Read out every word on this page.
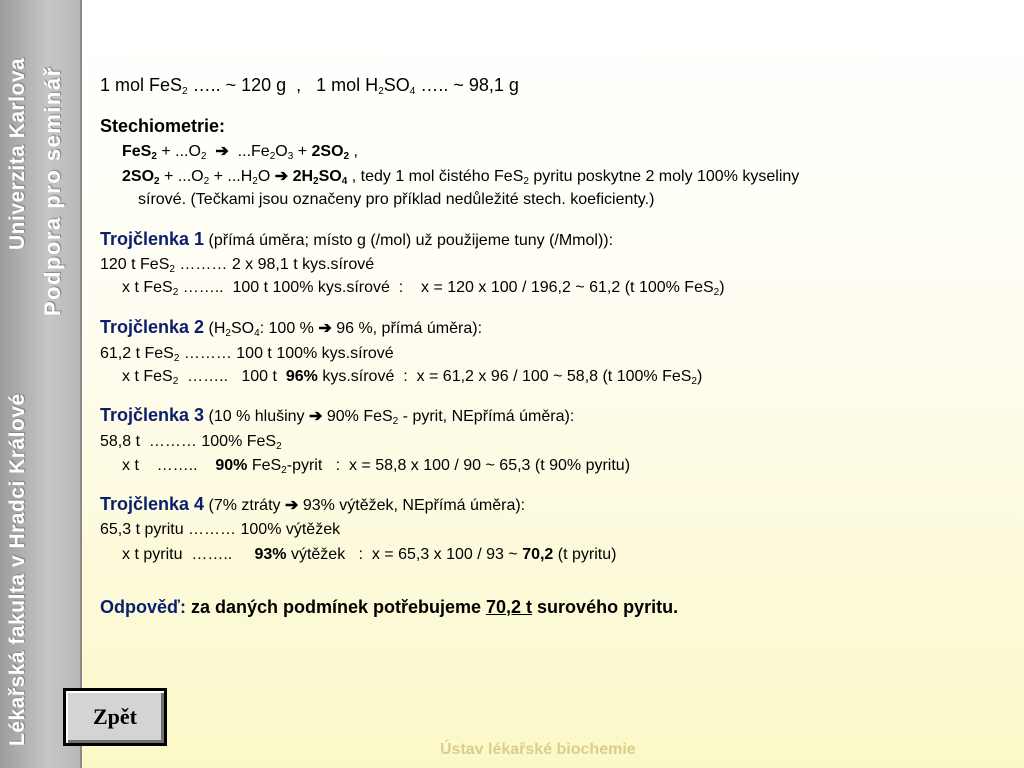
Lékařská fakulta v Hradci Králové
Univerzita Karlova Podpora pro seminář 1 mol FeS$_2$ ….. ~ 120 g  ,   1 mol $H_2SO_4$ ….. ~ 98,1 g
Stechiometrie:
$FeS_2 + ...O_2$ ➔  $...Fe_2O_3 + 2SO_2$ ,
$2SO_2 + ...O_2 + ...H_2O$ ➔ $2H_2SO_4$ , tedy 1 mol čistého FeS$_2$ pyritu poskytne 2 moly 100% kyseliny
sírové. (Tečkami jsou označeny pro příklad nedůležité stech. koeficienty.)
Trojčlenka 1 (přímá úměra; místo g (/mol) už použijeme tuny (/Mmol)):
120 t FeS$_2$ ……… 2 x 98,1 t kys.sírové
x t FeS$_2$ ……..  100 t 100% kys.sírové  :    x = 120 x 100 / 196,2 ~ 61,2 (t 100% FeS$_2$)
Trojčlenka 2 ($H_2SO_4$: 100 % ➔ 96 %, přímá úměra):
61,2 t FeS$_2$ ……… 100 t 100% kys.sírové
x t FeS$_2$  ……..   100 t  96% kys.sírové  :  x = 61,2 x 96 / 100 ~ 58,8 (t 100% FeS$_2$)
Trojčlenka 3 (10 % hlušiny ➔ 90% FeS$_2$ - pyrit, NEpřímá úměra):
58,8 t  ……… 100% FeS$_2$
x t    ……..    90% FeS$_2$-pyrit   :  x = 58,8 x 100 / 90 ~ 65,3 (t 90% pyritu)
Trojčlenka 4 (7% ztráty ➔ 93% výtěžek, NEpřímá úměra):
65,3 t pyritu ……… 100% výtěžek
x t pyritu  ……..     93% výtěžek   :  x = 65,3 x 100 / 93 ~ 70,2 (t pyritu)
Odpověď: za daných podmínek potřebujeme 70,2 t surového pyritu.
Zpět
Ústav lékařské biochemie
